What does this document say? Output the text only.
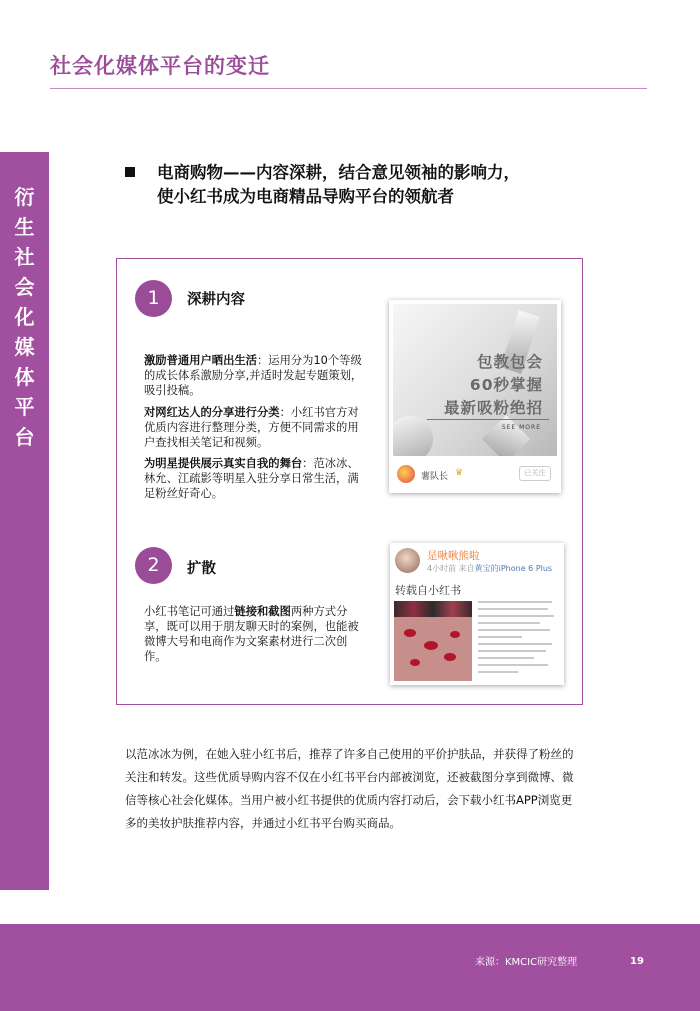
社会化媒体平台的变迁
衍
生
社
会
化
媒
体
平
台
电商购物——内容深耕，结合意见领袖的影响力，
使小红书成为电商精品导购平台的领航者
1	深耕内容
激励普通用户晒出生活：运用分为10个等级的成长体系激励分享,并适时发起专题策划，吸引投稿。
对网红达人的分享进行分类：小红书官方对优质内容进行整理分类，方便不同需求的用户查找相关笔记和视频。
为明星提供展示真实自我的舞台：范冰冰、林允、江疏影等明星入驻分享日常生活，满足粉丝好奇心。
包教包会
60秒掌握
最新吸粉绝招
SEE MORE
薯队长 ♛	已关注
2	扩散
小红书笔记可通过链接和截图两种方式分享，既可以用于朋友聊天时的案例，也能被微博大号和电商作为文案素材进行二次创作。
是啾啾熊啦
4小时前 来自黄宝的iPhone 6 Plus
转载自小红书
以范冰冰为例，在她入驻小红书后，推荐了许多自己使用的平价护肤品，并获得了粉丝的关注和转发。这些优质导购内容不仅在小红书平台内部被浏览，还被截图分享到微博、微信等核心社会化媒体。当用户被小红书提供的优质内容打动后，会下载小红书APP浏览更多的美妆护肤推荐内容，并通过小红书平台购买商品。
来源：KMCIC研究整理	19
